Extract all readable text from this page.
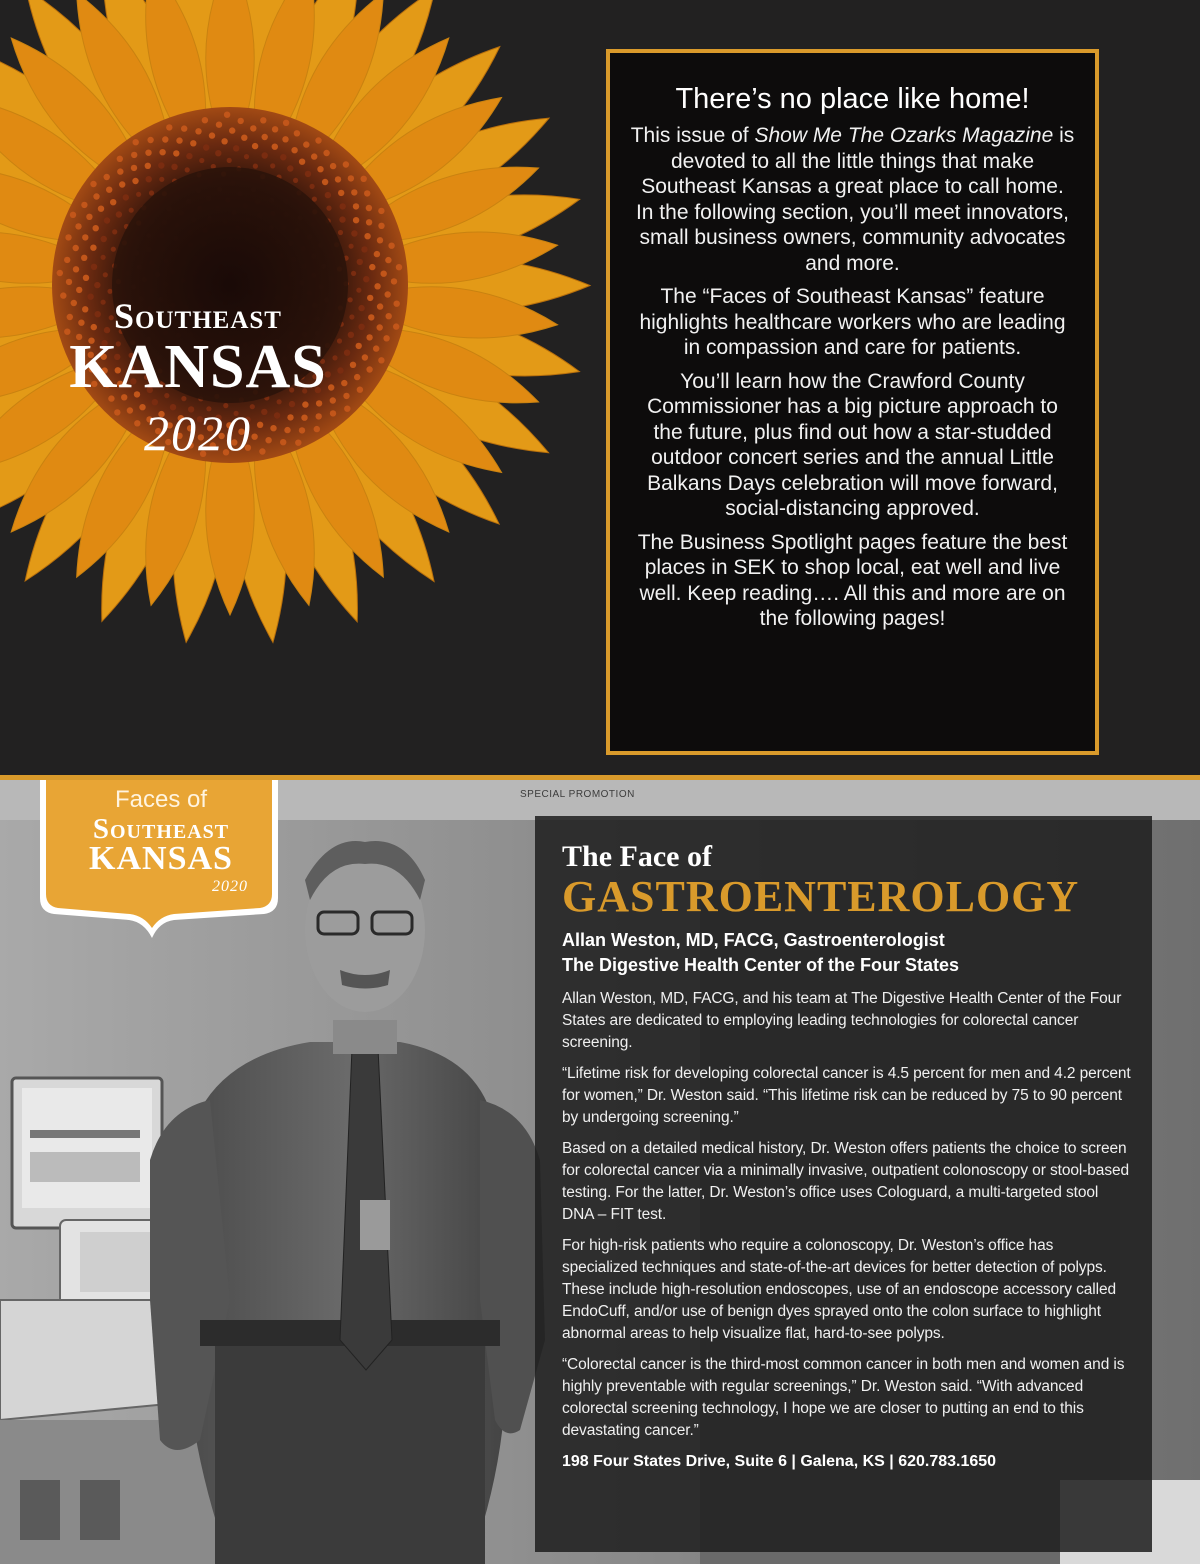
Southeast
KANSAS
2020
There’s no place like home!

This issue of Show Me The Ozarks Magazine is devoted to all the little things that make Southeast Kansas a great place to call home. In the following section, you’ll meet innovators, small business owners, community advocates and more.

The “Faces of Southeast Kansas” feature highlights healthcare workers who are leading in compassion and care for patients.

You’ll learn how the Crawford County Commissioner has a big picture approach to the future, plus find out how a star-studded outdoor concert series and the annual Little Balkans Days celebration will move forward, social-distancing approved.

The Business Spotlight pages feature the best places in SEK to shop local, eat well and live well. Keep reading…. All this and more are on the following pages!

Faces of
Southeast
KANSAS
2020
SPECIAL PROMOTION
The Face of
GASTROENTEROLOGY
Allan Weston, MD, FACG, Gastroenterologist
The Digestive Health Center of the Four States

Allan Weston, MD, FACG, and his team at The Digestive Health Center of the Four States are dedicated to employing leading technologies for colorectal cancer screening.

“Lifetime risk for developing colorectal cancer is 4.5 percent for men and 4.2 percent for women,” Dr. Weston said. “This lifetime risk can be reduced by 75 to 90 percent by undergoing screening.”

Based on a detailed medical history, Dr. Weston offers patients the choice to screen for colorectal cancer via a minimally invasive, outpatient colonoscopy or stool-based testing. For the latter, Dr. Weston’s office uses Cologuard, a multi-targeted stool DNA – FIT test.

For high-risk patients who require a colonoscopy, Dr. Weston’s office has specialized techniques and state-of-the-art devices for better detection of polyps. These include high-resolution endoscopes, use of an endoscope accessory called EndoCuff, and/or use of benign dyes sprayed onto the colon surface to highlight abnormal areas to help visualize flat, hard-to-see polyps.

“Colorectal cancer is the third-most common cancer in both men and women and is highly preventable with regular screenings,” Dr. Weston said. “With advanced colorectal screening technology, I hope we are closer to putting an end to this devastating cancer.”

198 Four States Drive, Suite 6 | Galena, KS | 620.783.1650
